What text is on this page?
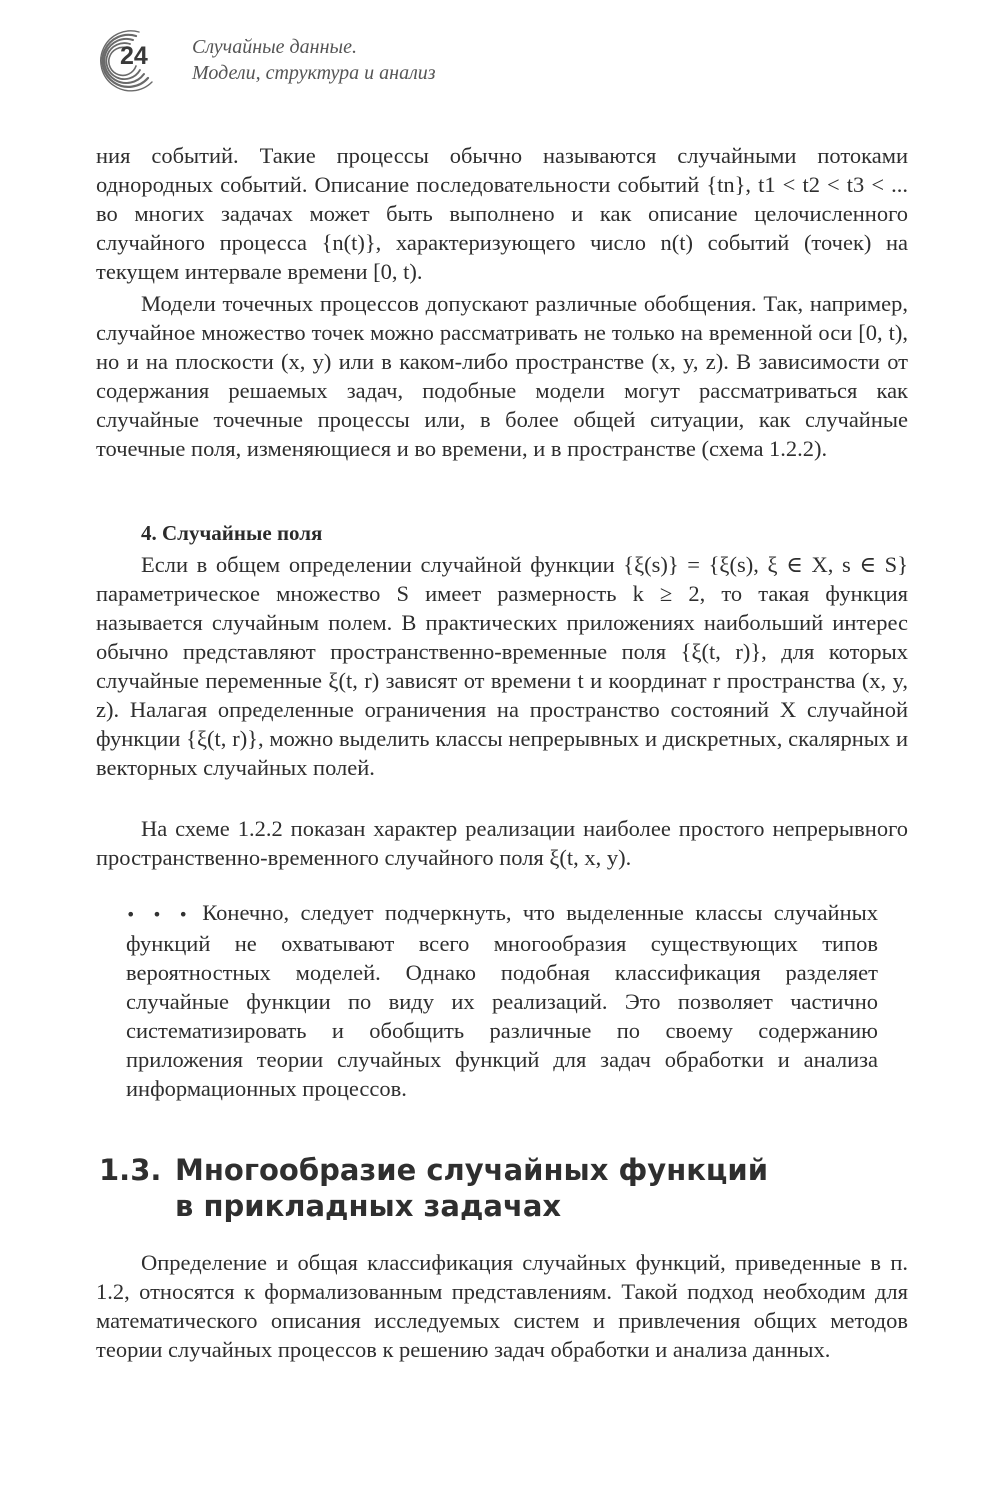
24 Случайные данные.
Модели, структура и анализ

ния событий. Такие процессы обычно называются случайными потоками однородных событий. Описание последовательности событий {tn}, t1 < t2 < t3 < ... во многих задачах может быть выполнено и как описание целочисленного случайного процесса {n(t)}, характеризующего число n(t) событий (точек) на текущем интервале времени [0, t).

Модели точечных процессов допускают различные обобщения. Так, например, случайное множество точек можно рассматривать не только на временной оси [0, t), но и на плоскости (x, y) или в каком-либо пространстве (x, y, z). В зависимости от содержания решаемых задач, подобные модели могут рассматриваться как случайные точечные процессы или, в более общей ситуации, как случайные точечные поля, изменяющиеся и во времени, и в пространстве (схема 1.2.2).

4. Случайные поля

Если в общем определении случайной функции {ξ(s)} = {ξ(s), ξ ∈ X, s ∈ S} параметрическое множество S имеет размерность k ≥ 2, то такая функция называется случайным полем. В практических приложениях наибольший интерес обычно представляют пространственно-временные поля {ξ(t, r)}, для которых случайные переменные ξ(t, r) зависят от времени t и координат r пространства (x, y, z). Налагая определенные ограничения на пространство состояний X случайной функции {ξ(t, r)}, можно выделить классы непрерывных и дискретных, скалярных и векторных случайных полей.

На схеме 1.2.2 показан характер реализации наиболее простого непрерывного пространственно-временного случайного поля ξ(t, x, y).

• • • Конечно, следует подчеркнуть, что выделенные классы случайных функций не охватывают всего многообразия существующих типов вероятностных моделей. Однако подобная классификация разделяет случайные функции по виду их реализаций. Это позволяет частично систематизировать и обобщить различные по своему содержанию приложения теории случайных функций для задач обработки и анализа информационных процессов.

1.3. Многообразие случайных функций
в прикладных задачах

Определение и общая классификация случайных функций, приведенные в п. 1.2, относятся к формализованным представлениям. Такой подход необходим для математического описания исследуемых систем и привлечения общих методов теории случайных процессов к решению задач обработки и анализа данных.
